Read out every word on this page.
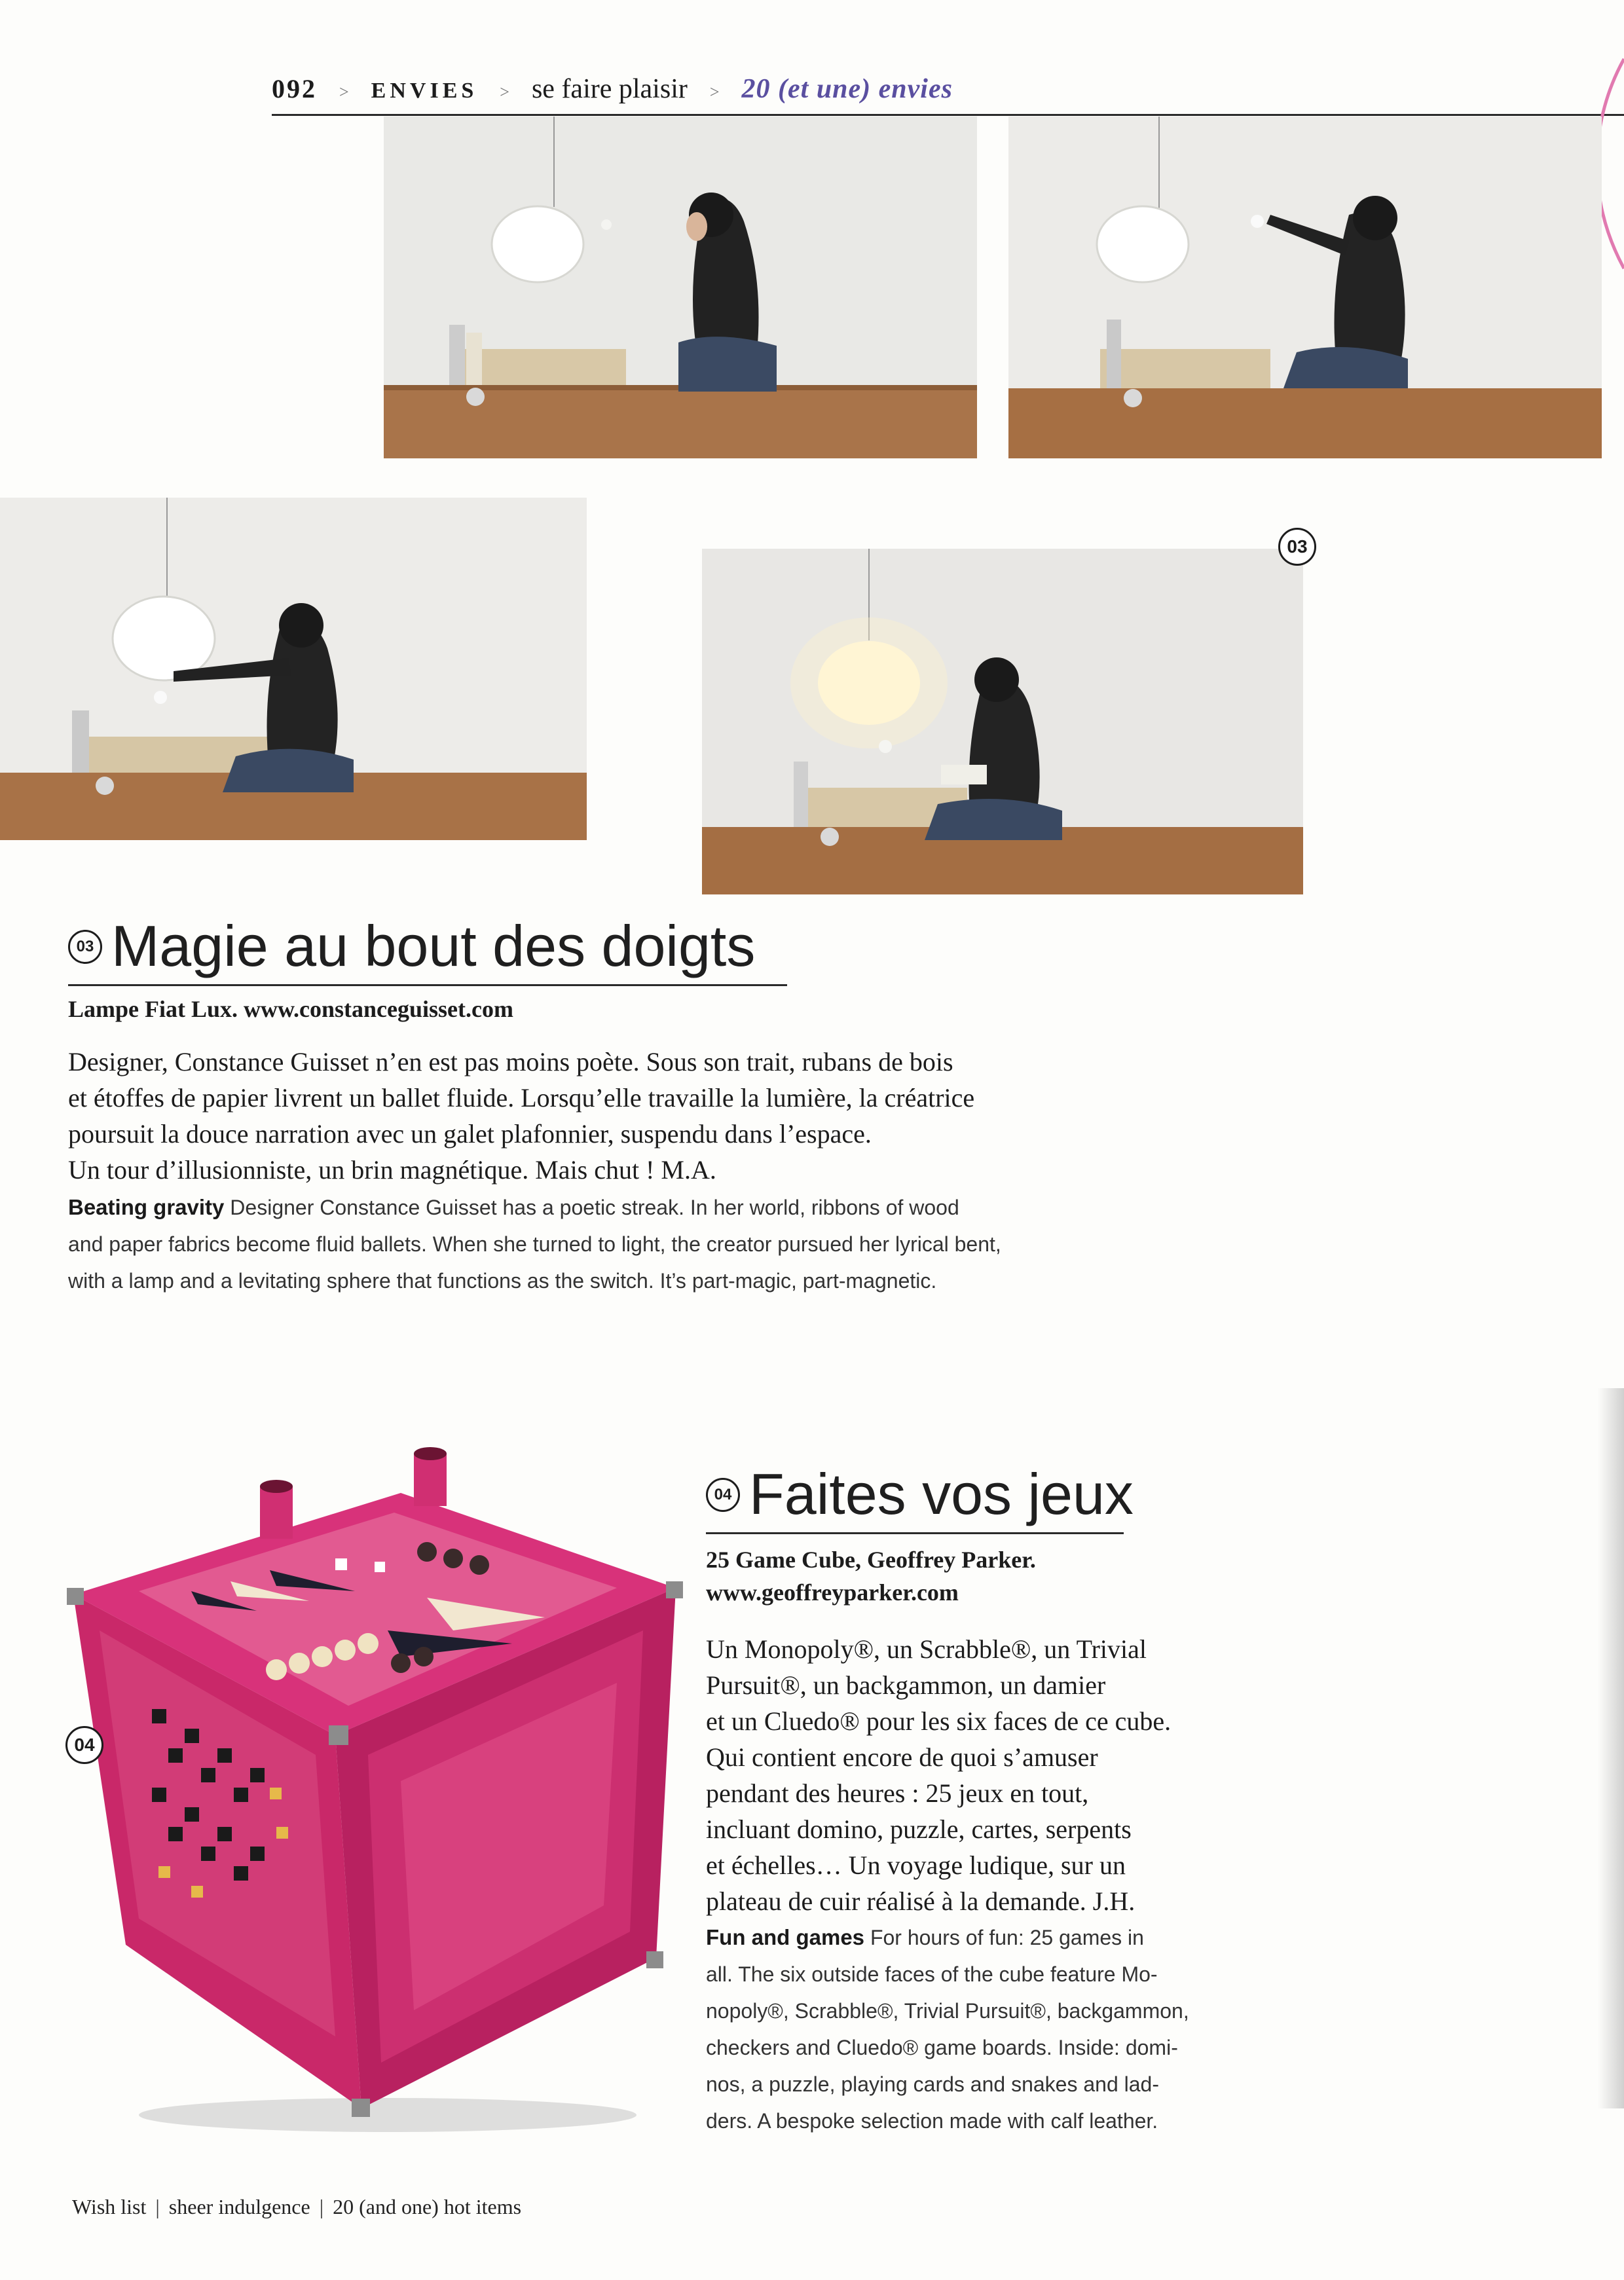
092 > ENVIES > se faire plaisir > 20 (et une) envies
03
03 Magie au bout des doigts
Lampe Fiat Lux. www.constanceguisset.com
Designer, Constance Guisset n’en est pas moins poète. Sous son trait, rubans de bois
et étoffes de papier livrent un ballet fluide. Lorsqu’elle travaille la lumière, la créatrice
poursuit la douce narration avec un galet plafonnier, suspendu dans l’espace.
Un tour d’illusionniste, un brin magnétique. Mais chut ! M.A.
Beating gravity Designer Constance Guisset has a poetic streak. In her world, ribbons of wood
and paper fabrics become fluid ballets. When she turned to light, the creator pursued her lyrical bent,
with a lamp and a levitating sphere that functions as the switch. It’s part-magic, part-magnetic.
04
04 Faites vos jeux
25 Game Cube, Geoffrey Parker.
www.geoffreyparker.com
Un Monopoly®, un Scrabble®, un Trivial
Pursuit®, un backgammon, un damier
et un Cluedo® pour les six faces de ce cube.
Qui contient encore de quoi s’amuser
pendant des heures : 25 jeux en tout,
incluant domino, puzzle, cartes, serpents
et échelles… Un voyage ludique, sur un
plateau de cuir réalisé à la demande. J.H.
Fun and games For hours of fun: 25 games in
all. The six outside faces of the cube feature Mo-
nopoly®, Scrabble®, Trivial Pursuit®, backgammon,
checkers and Cluedo® game boards. Inside: domi-
nos, a puzzle, playing cards and snakes and lad-
ders. A bespoke selection made with calf leather.
Wish list | sheer indulgence | 20 (and one) hot items
